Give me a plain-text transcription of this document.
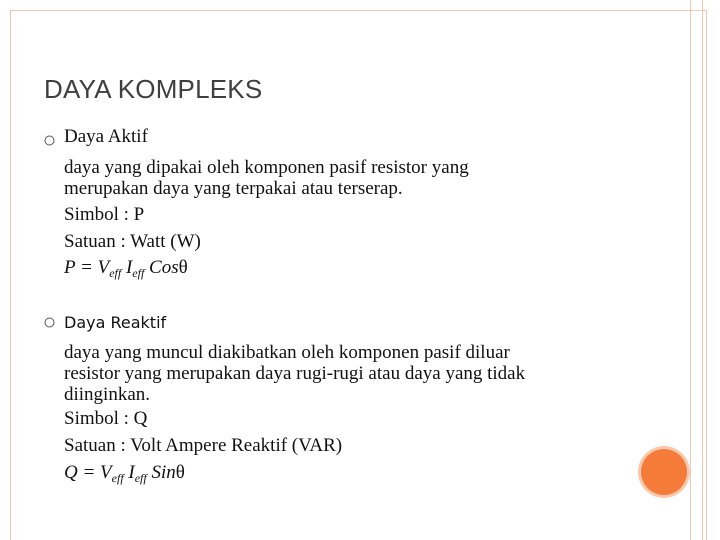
DAYA KOMPLEKS
Daya Aktif
daya yang dipakai oleh komponen pasif resistor yang
merupakan daya yang terpakai atau terserap.
Simbol : P
Satuan : Watt (W)
$P = V_{eff}$ $I_{eff}$ Cosθ
Daya Reaktif
daya yang muncul diakibatkan oleh komponen pasif diluar
resistor yang merupakan daya rugi-rugi atau daya yang tidak
diinginkan.
Simbol : Q
Satuan : Volt Ampere Reaktif (VAR)
$Q = V_{eff}$ $I_{eff}$ Sinθ
